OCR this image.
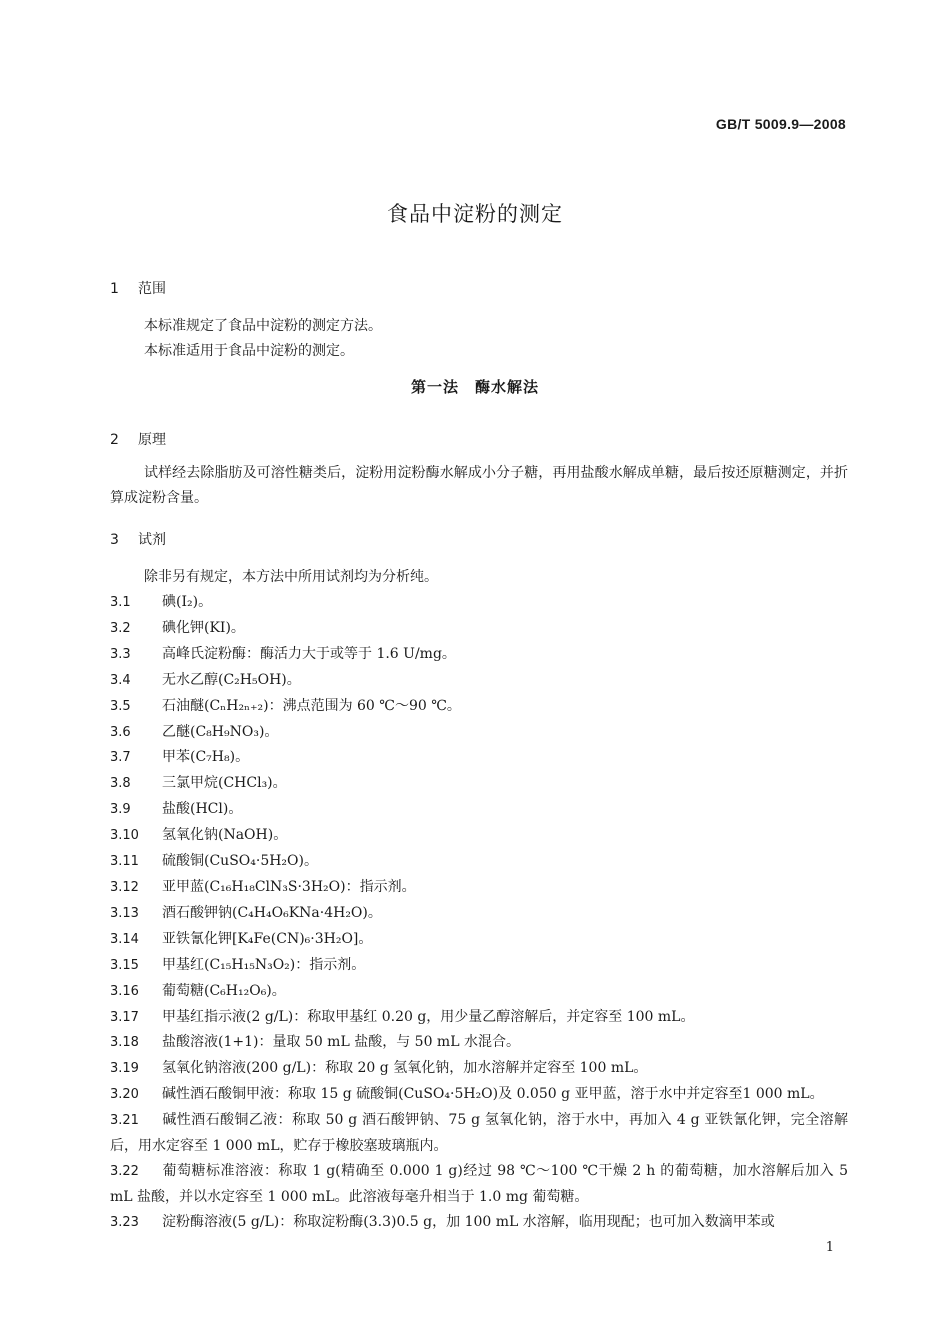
GB/T 5009.9—2008
食品中淀粉的测定
1 范围
本标准规定了食品中淀粉的测定方法。
本标准适用于食品中淀粉的测定。
第一法　酶水解法
2 原理
试样经去除脂肪及可溶性糖类后，淀粉用淀粉酶水解成小分子糖，再用盐酸水解成单糖，最后按还原糖测定，并折算成淀粉含量。
3 试剂
除非另有规定，本方法中所用试剂均为分析纯。
3.1 碘(I₂)。
3.2 碘化钾(KI)。
3.3 高峰氏淀粉酶：酶活力大于或等于 1.6 U/mg。
3.4 无水乙醇(C₂H₅OH)。
3.5 石油醚(CₙH₂ₙ₊₂)：沸点范围为 60 ℃～90 ℃。
3.6 乙醚(C₈H₉NO₃)。
3.7 甲苯(C₇H₈)。
3.8 三氯甲烷(CHCl₃)。
3.9 盐酸(HCl)。
3.10 氢氧化钠(NaOH)。
3.11 硫酸铜(CuSO₄·5H₂O)。
3.12 亚甲蓝(C₁₆H₁₈ClN₃S·3H₂O)：指示剂。
3.13 酒石酸钾钠(C₄H₄O₆KNa·4H₂O)。
3.14 亚铁氰化钾[K₄Fe(CN)₆·3H₂O]。
3.15 甲基红(C₁₅H₁₅N₃O₂)：指示剂。
3.16 葡萄糖(C₆H₁₂O₆)。
3.17 甲基红指示液(2 g/L)：称取甲基红 0.20 g，用少量乙醇溶解后，并定容至 100 mL。
3.18 盐酸溶液(1+1)：量取 50 mL 盐酸，与 50 mL 水混合。
3.19 氢氧化钠溶液(200 g/L)：称取 20 g 氢氧化钠，加水溶解并定容至 100 mL。
3.20 碱性酒石酸铜甲液：称取 15 g 硫酸铜(CuSO₄·5H₂O)及 0.050 g 亚甲蓝，溶于水中并定容至1 000 mL。
3.21 碱性酒石酸铜乙液：称取 50 g 酒石酸钾钠、75 g 氢氧化钠，溶于水中，再加入 4 g 亚铁氰化钾，完全溶解后，用水定容至 1 000 mL，贮存于橡胶塞玻璃瓶内。
3.22 葡萄糖标准溶液：称取 1 g(精确至 0.000 1 g)经过 98 ℃～100 ℃干燥 2 h 的葡萄糖，加水溶解后加入 5 mL 盐酸，并以水定容至 1 000 mL。此溶液每毫升相当于 1.0 mg 葡萄糖。
3.23 淀粉酶溶液(5 g/L)：称取淀粉酶(3.3)0.5 g，加 100 mL 水溶解，临用现配；也可加入数滴甲苯或
1
